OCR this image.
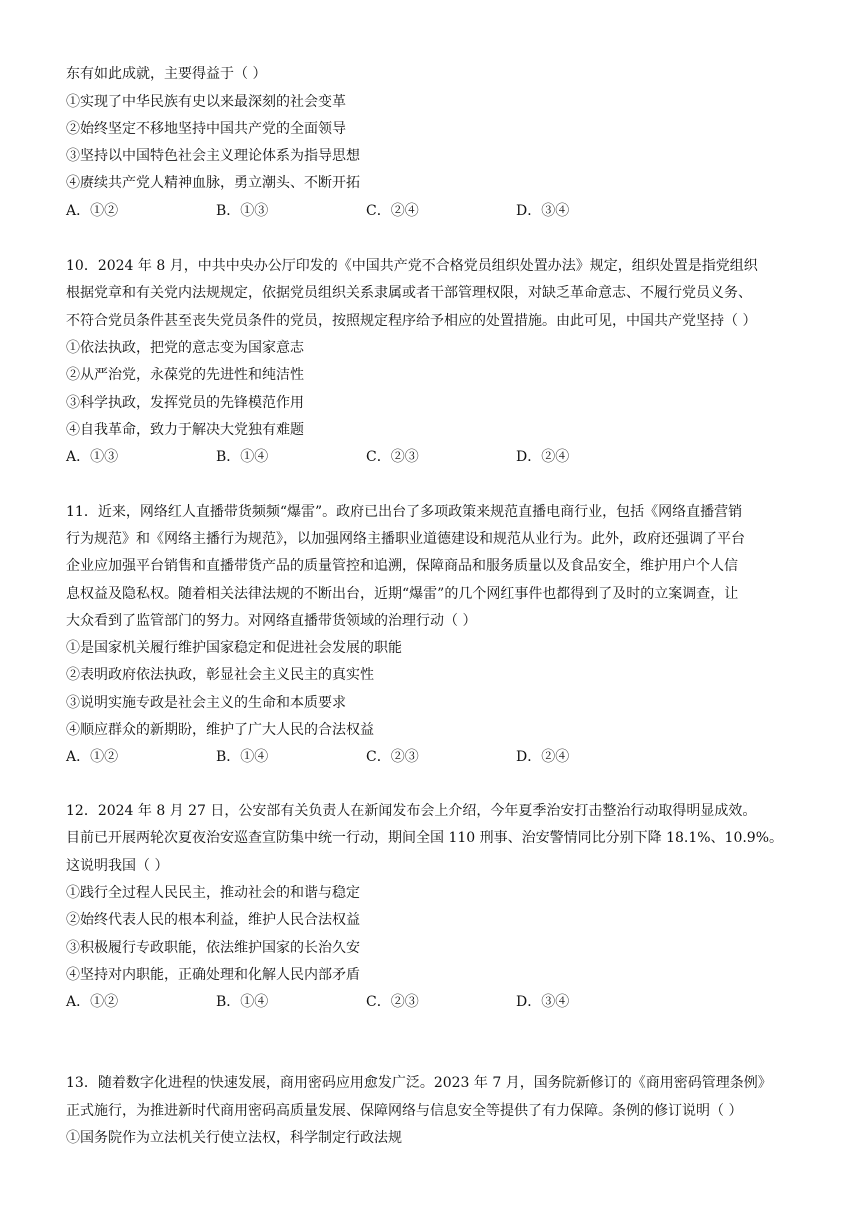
东有如此成就，主要得益于（ ）
①实现了中华民族有史以来最深刻的社会变革
②始终坚定不移地坚持中国共产党的全面领导
③坚持以中国特色社会主义理论体系为指导思想
④赓续共产党人精神血脉，勇立潮头、不断开拓
A．①②	B．①③	C．②④	D．③④
10．2024 年 8 月，中共中央办公厅印发的《中国共产党不合格党员组织处置办法》规定，组织处置是指党组织
根据党章和有关党内法规规定，依据党员组织关系隶属或者干部管理权限，对缺乏革命意志、不履行党员义务、
不符合党员条件甚至丧失党员条件的党员，按照规定程序给予相应的处置措施。由此可见，中国共产党坚持（ ）
①依法执政，把党的意志变为国家意志
②从严治党，永葆党的先进性和纯洁性
③科学执政，发挥党员的先锋模范作用
④自我革命，致力于解决大党独有难题
A．①③	B．①④	C．②③	D．②④
11．近来，网络红人直播带货频频“爆雷”。政府已出台了多项政策来规范直播电商行业，包括《网络直播营销
行为规范》和《网络主播行为规范》，以加强网络主播职业道德建设和规范从业行为。此外，政府还强调了平台
企业应加强平台销售和直播带货产品的质量管控和追溯，保障商品和服务质量以及食品安全，维护用户个人信
息权益及隐私权。随着相关法律法规的不断出台，近期“爆雷”的几个网红事件也都得到了及时的立案调查，让
大众看到了监管部门的努力。对网络直播带货领域的治理行动（ ）
①是国家机关履行维护国家稳定和促进社会发展的职能
②表明政府依法执政，彰显社会主义民主的真实性
③说明实施专政是社会主义的生命和本质要求
④顺应群众的新期盼，维护了广大人民的合法权益
A．①②	B．①④	C．②③	D．②④
12．2024 年 8 月 27 日，公安部有关负责人在新闻发布会上介绍，今年夏季治安打击整治行动取得明显成效。
目前已开展两轮次夏夜治安巡查宣防集中统一行动，期间全国 110 刑事、治安警情同比分别下降 18.1%、10.9%。
这说明我国（ ）
①践行全过程人民民主，推动社会的和谐与稳定
②始终代表人民的根本利益，维护人民合法权益
③积极履行专政职能，依法维护国家的长治久安
④坚持对内职能，正确处理和化解人民内部矛盾
A．①②	B．①④	C．②③	D．③④
13．随着数字化进程的快速发展，商用密码应用愈发广泛。2023 年 7 月，国务院新修订的《商用密码管理条例》
正式施行，为推进新时代商用密码高质量发展、保障网络与信息安全等提供了有力保障。条例的修订说明（ ）
①国务院作为立法机关行使立法权，科学制定行政法规
